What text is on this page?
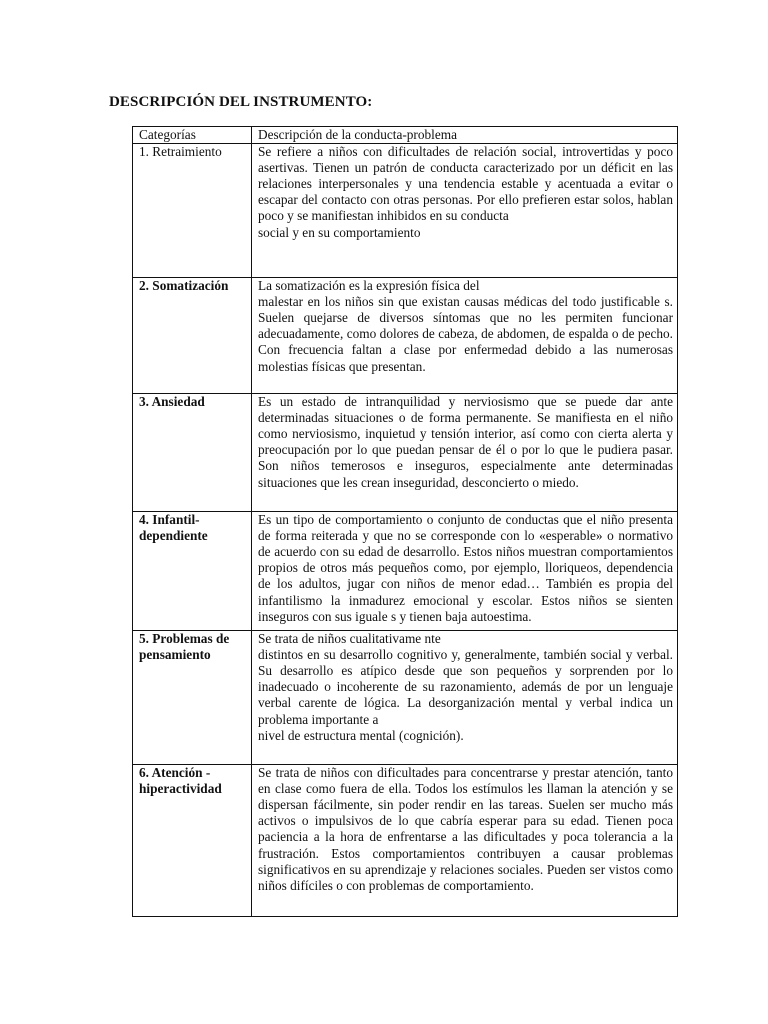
DESCRIPCIÓN DEL INSTRUMENTO:
Categorías	Descripción de la conducta-problema
1. Retraimiento	Se refiere a niños con dificultades de relación social, introvertidas y poco asertivas. Tienen un patrón de conducta caracterizado por un déficit en las relaciones interpersonales y una tendencia estable y acentuada a evitar o escapar del contacto con otras personas. Por ello prefieren estar solos, hablan poco y se manifiestan inhibidos en su conducta

social y en su comportamiento

2. Somatización	La somatización es la expresión física del

malestar en los niños sin que existan causas médicas del todo justificable s. Suelen quejarse de diversos síntomas que no les permiten funcionar adecuadamente, como dolores de cabeza, de abdomen, de espalda o de pecho. Con frecuencia faltan a clase por enfermedad debido a las numerosas molestias físicas que presentan.

3. Ansiedad	Es un estado de intranquilidad y nerviosismo que se puede dar ante determinadas situaciones o de forma permanente. Se manifiesta en el niño como nerviosismo, inquietud y tensión interior, así como con cierta alerta y preocupación por lo que puedan pensar de él o por lo que le pudiera pasar. Son niños temerosos e inseguros, especialmente ante determinadas situaciones que les crean inseguridad, desconcierto o miedo.

4. Infantil-dependiente	Es un tipo de comportamiento o conjunto de conductas que el niño presenta de forma reiterada y que no se corresponde con lo «esperable» o normativo de acuerdo con su edad de desarrollo. Estos niños muestran comportamientos propios de otros más pequeños como, por ejemplo, lloriqueos, dependencia de los adultos, jugar con niños de menor edad… También es propia del infantilismo la inmadurez emocional y escolar. Estos niños se sienten inseguros con sus iguale s y tienen baja autoestima.

5. Problemas de pensamiento	Se trata de niños cualitativame nte

distintos en su desarrollo cognitivo y, generalmente, también social y verbal. Su desarrollo es atípico desde que son pequeños y sorprenden por lo inadecuado o incoherente de su razonamiento, además de por un lenguaje verbal carente de lógica. La desorganización mental y verbal indica un problema importante a

nivel de estructura mental (cognición).

6. Atención - hiperactividad	Se trata de niños con dificultades para concentrarse y prestar atención, tanto en clase como fuera de ella. Todos los estímulos les llaman la atención y se dispersan fácilmente, sin poder rendir en las tareas. Suelen ser mucho más activos o impulsivos de lo que cabría esperar para su edad. Tienen poca paciencia a la hora de enfrentarse a las dificultades y poca tolerancia a la frustración. Estos comportamientos contribuyen a causar problemas significativos en su aprendizaje y relaciones sociales. Pueden ser vistos como niños difíciles o con problemas de comportamiento.
